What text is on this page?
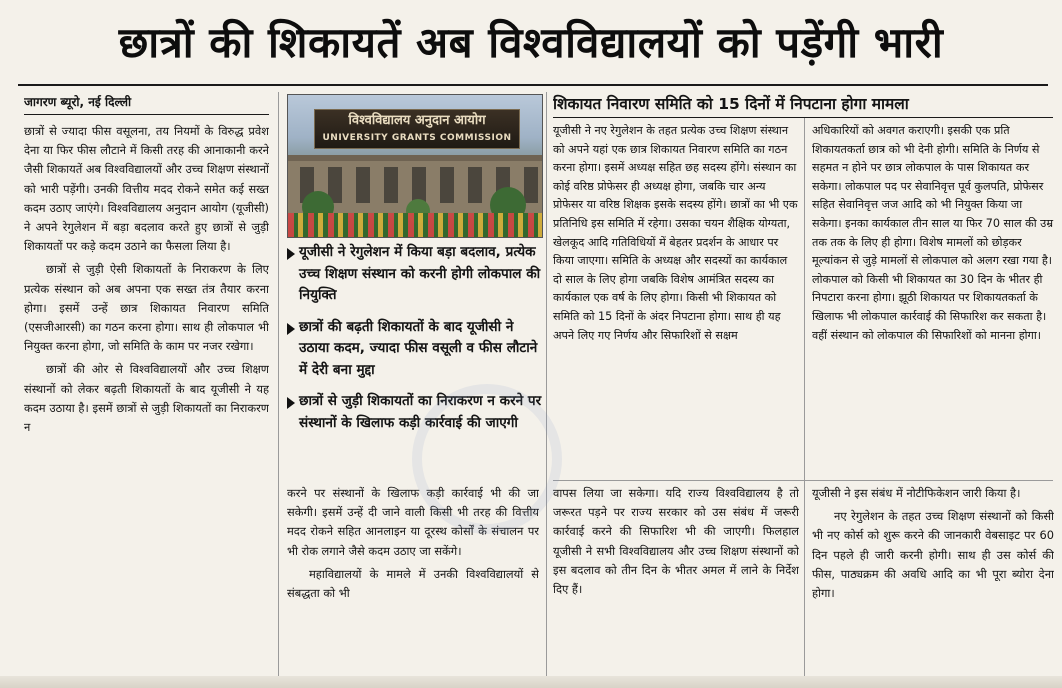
छात्रों की शिकायतें अब विश्वविद्यालयों को पड़ेंगी भारी
जागरण ब्यूरो, नई दिल्ली

छात्रों से ज्यादा फीस वसूलना, तय नियमों के विरुद्ध प्रवेश देना या फिर फीस लौटाने में किसी तरह की आनाकानी करने जैसी शिकायतें अब विश्वविद्यालयों और उच्च शिक्षण संस्थानों को भारी पड़ेंगी। उनकी वित्तीय मदद रोकने समेत कई सख्त कदम उठाए जाएंगे। विश्वविद्यालय अनुदान आयोग (यूजीसी) ने अपने रेगुलेशन में बड़ा बदलाव करते हुए छात्रों से जुड़ी शिकायतों पर कड़े कदम उठाने का फैसला लिया है।

छात्रों से जुड़ी ऐसी शिकायतों के निराकरण के लिए प्रत्येक संस्थान को अब अपना एक सख्त तंत्र तैयार करना होगा। इसमें उन्हें छात्र शिकायत निवारण समिति (एसजीआरसी) का गठन करना होगा। साथ ही लोकपाल भी नियुक्त करना होगा, जो समिति के काम पर नजर रखेगा।

छात्रों की ओर से विश्वविद्यालयों और उच्च शिक्षण संस्थानों को लेकर बढ़ती शिकायतों के बाद यूजीसी ने यह कदम उठाया है। इसमें छात्रों से जुड़ी शिकायतों का निराकरण न

विश्वविद्यालय अनुदान आयोग
UNIVERSITY GRANTS COMMISSION
यूजीसी ने रेगुलेशन में किया बड़ा बदलाव, प्रत्येक उच्च शिक्षण संस्थान को करनी होगी लोकपाल की नियुक्ति
छात्रों की बढ़ती शिकायतों के बाद यूजीसी ने उठाया कदम, ज्यादा फीस वसूली व फीस लौटाने में देरी बना मुद्दा
छात्रों से जुड़ी शिकायतों का निराकरण न करने पर संस्थानों के खिलाफ कड़ी कार्रवाई की जाएगी

करने पर संस्थानों के खिलाफ कड़ी कार्रवाई भी की जा सकेगी। इसमें उन्हें दी जाने वाली किसी भी तरह की वित्तीय मदद रोकने सहित आनलाइन या दूरस्थ कोर्सों के संचालन पर भी रोक लगाने जैसे कदम उठाए जा सकेंगे।

महाविद्यालयों के मामले में उनकी विश्वविद्यालयों से संबद्धता को भी

शिकायत निवारण समिति को 15 दिनों में निपटाना होगा मामला

यूजीसी ने नए रेगुलेशन के तहत प्रत्येक उच्च शिक्षण संस्थान को अपने यहां एक छात्र शिकायत निवारण समिति का गठन करना होगा। इसमें अध्यक्ष सहित छह सदस्य होंगे। संस्थान का कोई वरिष्ठ प्रोफेसर ही अध्यक्ष होगा, जबकि चार अन्य प्रोफेसर या वरिष्ठ शिक्षक इसके सदस्य होंगे। छात्रों का भी एक प्रतिनिधि इस समिति में रहेगा। उसका चयन शैक्षिक योग्यता, खेलकूद आदि गतिविधियों में बेहतर प्रदर्शन के आधार पर किया जाएगा। समिति के अध्यक्ष और सदस्यों का कार्यकाल दो साल के लिए होगा जबकि विशेष आमंत्रित सदस्य का कार्यकाल एक वर्ष के लिए होगा। किसी भी शिकायत को समिति को 15 दिनों के अंदर निपटाना होगा। साथ ही यह अपने लिए गए निर्णय और सिफारिशों से सक्षम

अधिकारियों को अवगत कराएगी। इसकी एक प्रति शिकायतकर्ता छात्र को भी देनी होगी। समिति के निर्णय से सहमत न होने पर छात्र लोकपाल के पास शिकायत कर सकेगा। लोकपाल पद पर सेवानिवृत्त पूर्व कुलपति, प्रोफेसर सहित सेवानिवृत्त जज आदि को भी नियुक्त किया जा सकेगा। इनका कार्यकाल तीन साल या फिर 70 साल की उम्र तक तक के लिए ही होगा। विशेष मामलों को छोड़कर मूल्यांकन से जुड़े मामलों से लोकपाल को अलग रखा गया है। लोकपाल को किसी भी शिकायत का 30 दिन के भीतर ही निपटारा करना होगा। झूठी शिकायत पर शिकायतकर्ता के खिलाफ भी लोकपाल कार्रवाई की सिफारिश कर सकता है। वहीं संस्थान को लोकपाल की सिफारिशों को मानना होगा।

वापस लिया जा सकेगा। यदि राज्य विश्वविद्यालय है तो जरूरत पड़ने पर राज्य सरकार को उस संबंध में जरूरी कार्रवाई करने की सिफारिश भी की जाएगी। फिलहाल यूजीसी ने सभी विश्वविद्यालय और उच्च शिक्षण संस्थानों को इस बदलाव को तीन दिन के भीतर अमल में लाने के निर्देश दिए हैं।

यूजीसी ने इस संबंध में नोटीफिकेशन जारी किया है।

नए रेगुलेशन के तहत उच्च शिक्षण संस्थानों को किसी भी नए कोर्स को शुरू करने की जानकारी वेबसाइट पर 60 दिन पहले ही जारी करनी होगी। साथ ही उस कोर्स की फीस, पाठ्यक्रम की अवधि आदि का भी पूरा ब्योरा देना होगा।
